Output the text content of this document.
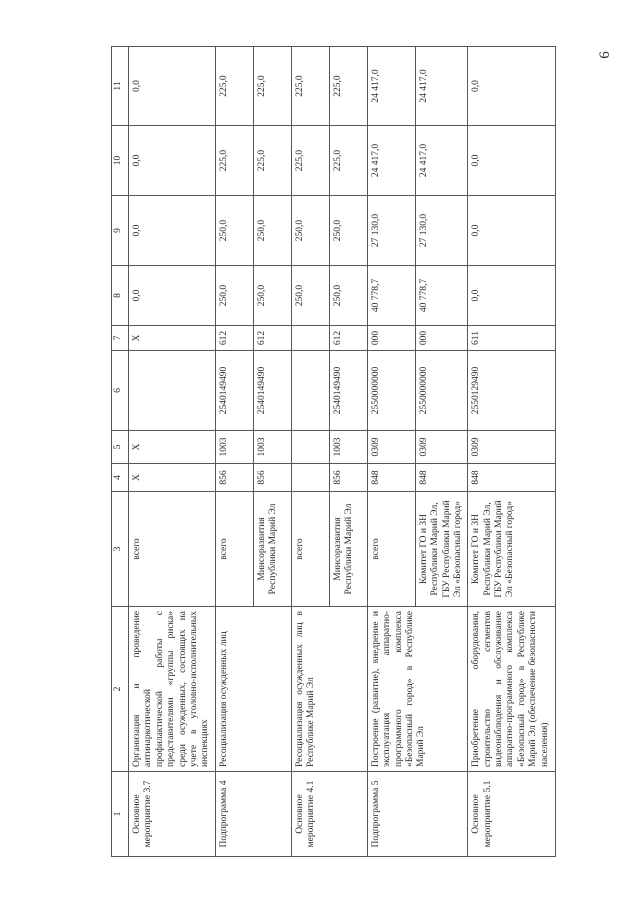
6
1	2	3	4	5	6	7	8	9	10	11
Основное мероприятие 3.7	Организация и проведение антинаркотической профилактической работы с представителями «группы риска» среди осужденных, состоящих на учете в уголовно-исполнительных инспекциях	всего	X	X		X	0,0	0,0	0,0	0,0
Подпрограмма 4	Ресоциализация осужденных лиц	всего	856	1003	2540149490	612	250,0	250,0	225,0	225,0
		Минсоразвития Республики Марий Эл	856	1003	2540149490	612	250,0	250,0	225,0	225,0
Основное мероприятие 4.1	Ресоциализация осужденных лиц в Республике Марий Эл	всего					250,0	250,0	225,0	225,0
		Минсоразвития Республики Марий Эл	856	1003	2540149490	612	250,0	250,0	225,0	225,0
Подпрограмма 5	Построение (развитие), внедрение и эксплуатация аппаратно-программного комплекса «Безопасный город» в Республике Марий Эл	всего	848	0309	2550000000	000	40 778,7	27 130,0	24 417,0	24 417,0
		Комитет ГО и ЗН Республики Марий Эл, ГБУ Республики Марий Эл «Безопасный город»	848	0309	2550000000	000	40 778,7	27 130,0	24 417,0	24 417,0
Основное мероприятие 5.1	Приобретение оборудования, строительство сегментов видеонаблюдения и обслуживание аппаратно-программного комплекса «Безопасный город» в Республике Марий Эл (обеспечение безопасности населения)	Комитет ГО и ЗН Республики Марий Эл, ГБУ Республики Марий Эл «Безопасный город»	848	0309	2550129490	611	0,0	0,0	0,0	0,0
